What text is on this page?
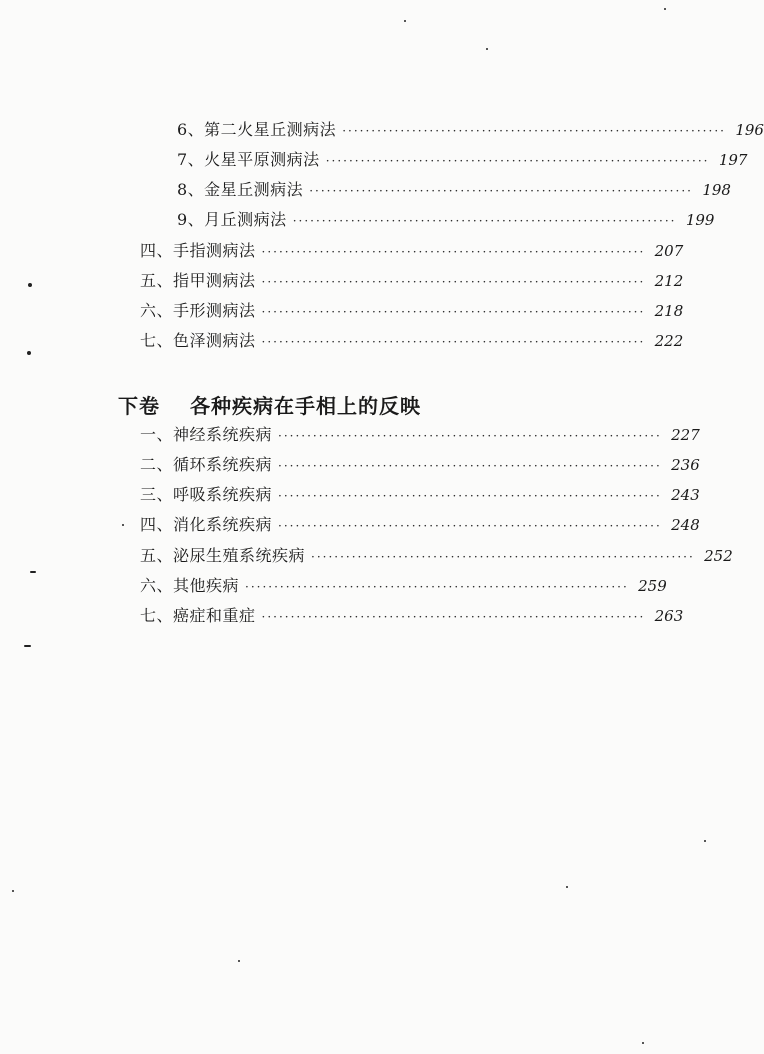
6、第二火星丘测病法 ·································································· 196
7、火星平原测病法 ·································································· 197
8、金星丘测病法 ·································································· 198
9、月丘测病法 ·································································· 199
四、手指测病法 ·································································· 207
五、指甲测病法 ·································································· 212
六、手形测病法 ·································································· 218
七、色泽测病法 ·································································· 222
下卷 各种疾病在手相上的反映
一、神经系统疾病 ·································································· 227
二、循环系统疾病 ·································································· 236
三、呼吸系统疾病 ·································································· 243
四、消化系统疾病 ·································································· 248
五、泌尿生殖系统疾病 ·································································· 252
六、其他疾病 ·································································· 259
七、癌症和重症 ·································································· 263
